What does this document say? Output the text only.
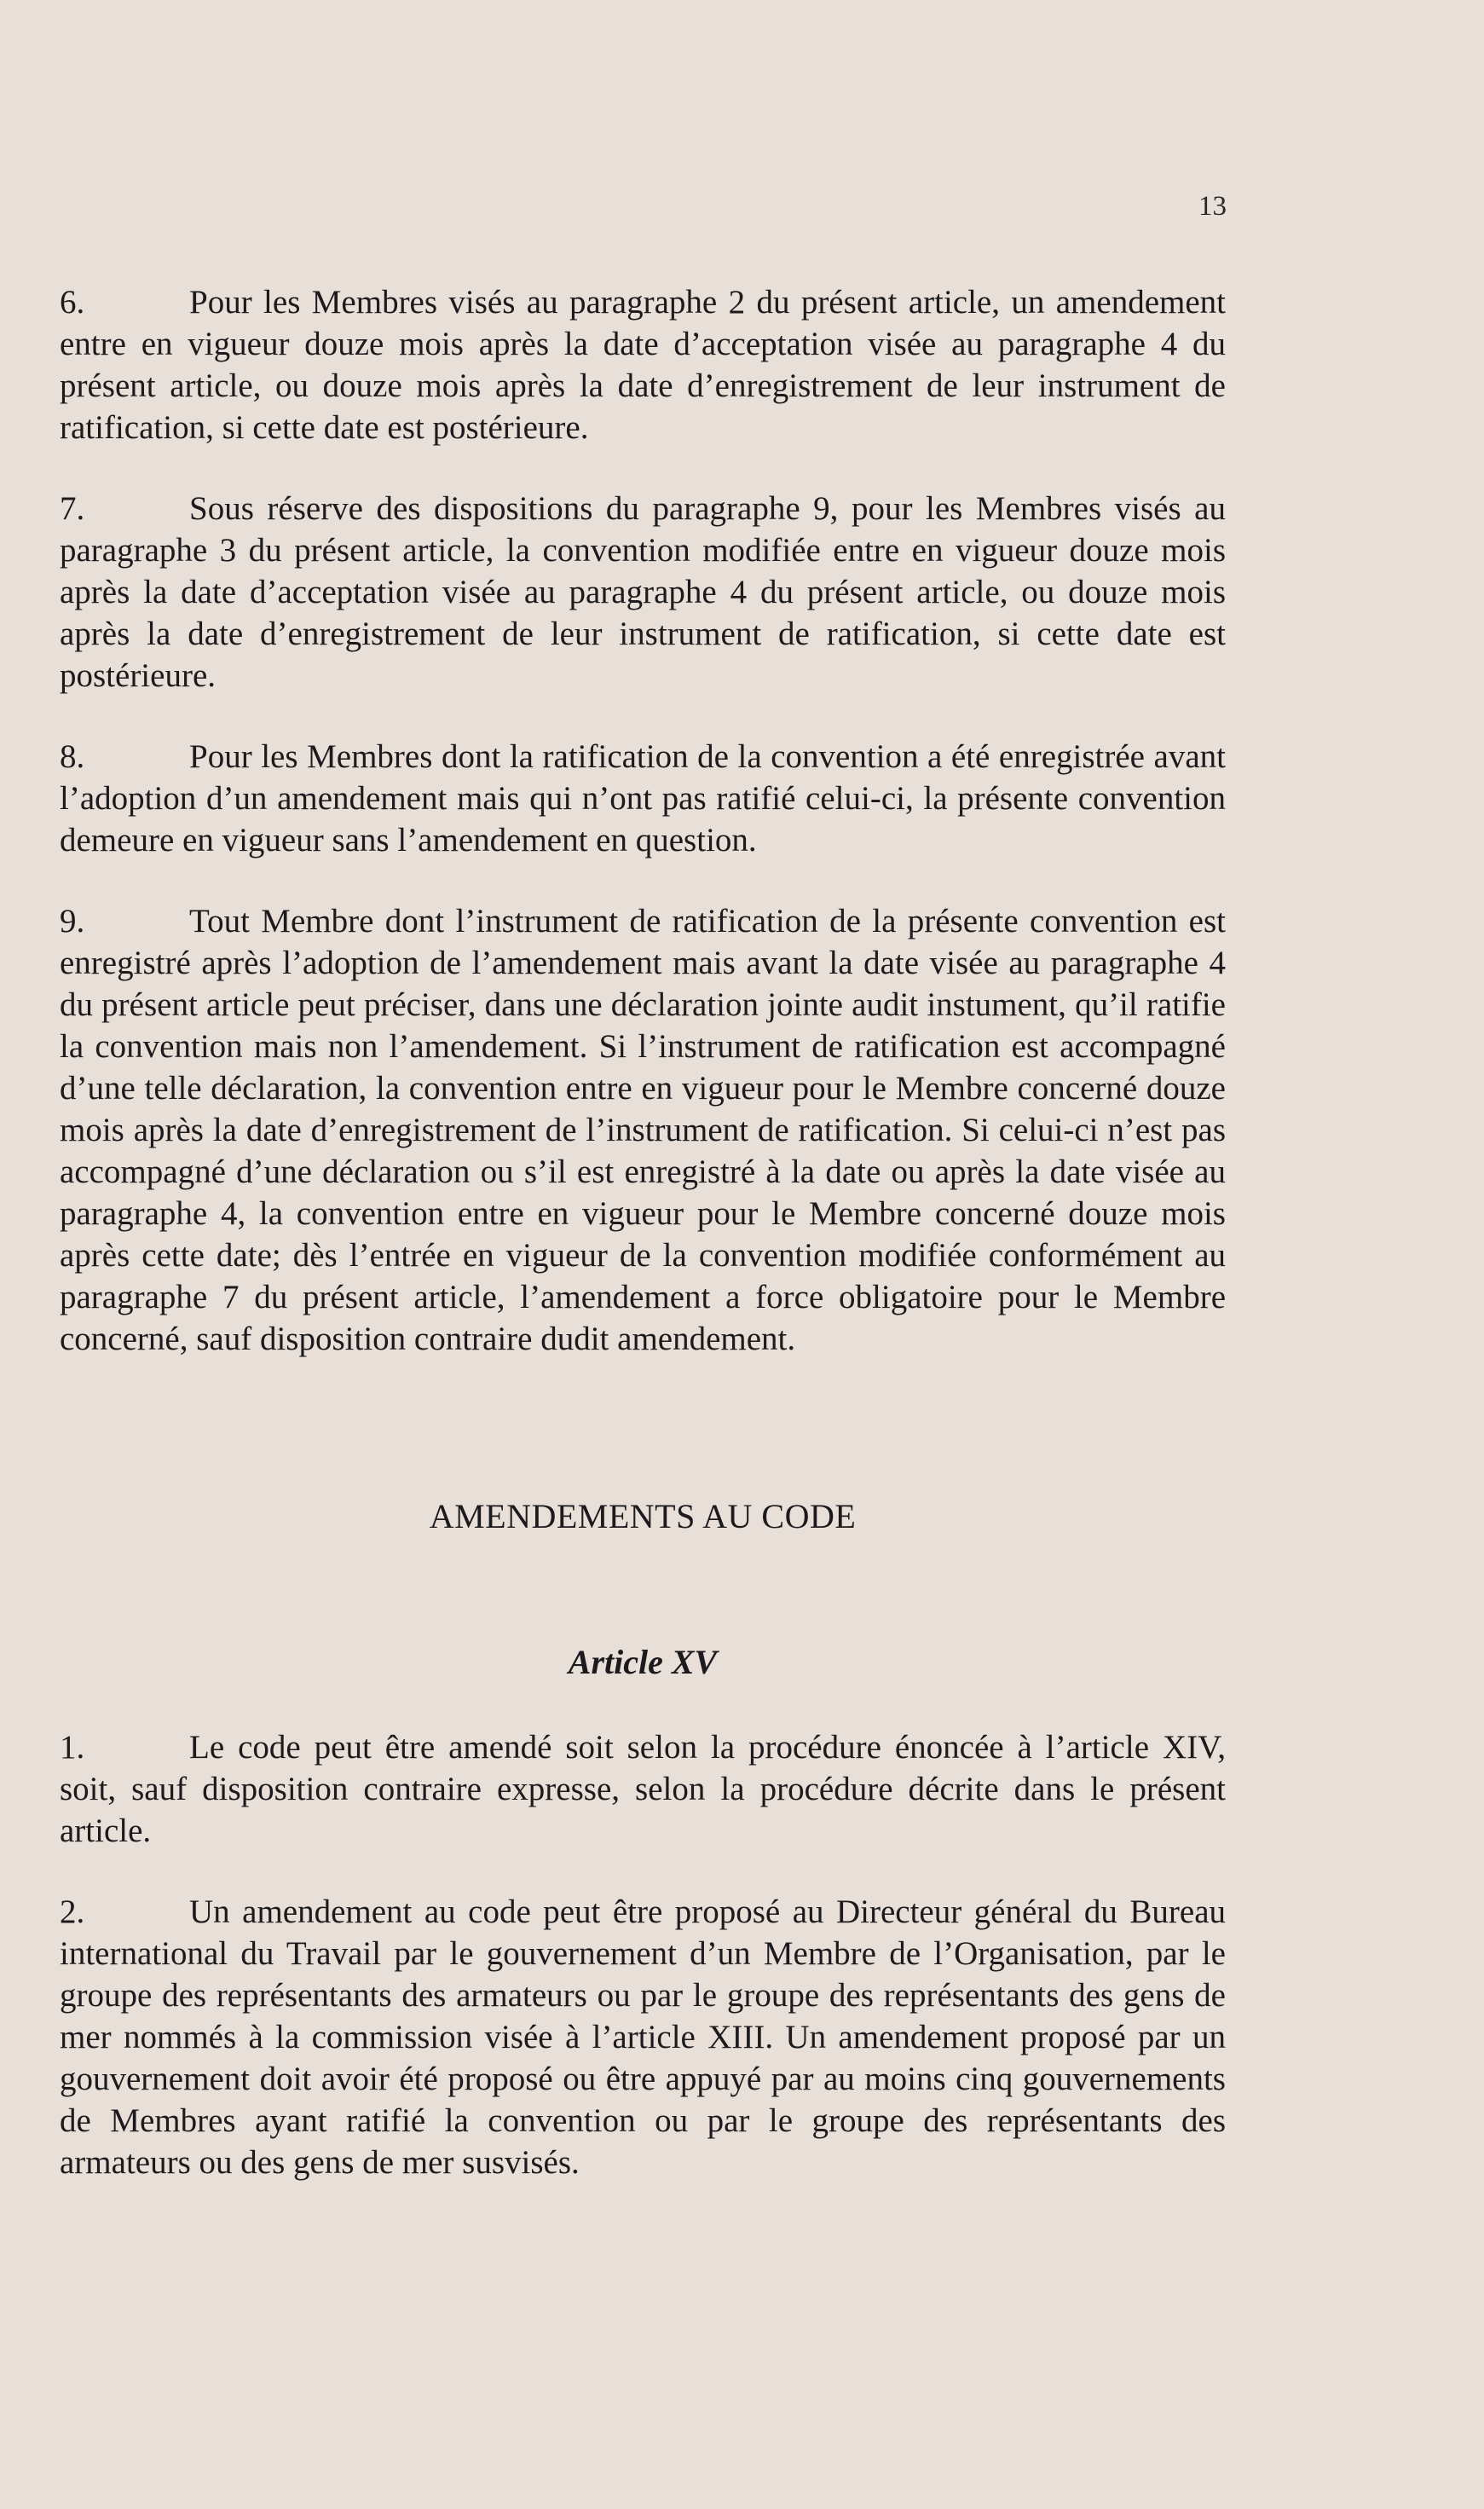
13

6.	Pour les Membres visés au paragraphe 2 du présent article, un amendement entre en vigueur douze mois après la date d’acceptation visée au paragraphe 4 du présent article, ou douze mois après la date d’enregistrement de leur instrument de ratification, si cette date est postérieure.

7.	Sous réserve des dispositions du paragraphe 9, pour les Membres visés au paragraphe 3 du présent article, la convention modifiée entre en vigueur douze mois après la date d’acceptation visée au paragraphe 4 du présent article, ou douze mois après la date d’enregistrement de leur instrument de ratification, si cette date est postérieure.

8.	Pour les Membres dont la ratification de la convention a été enregistrée avant l’adoption d’un amendement mais qui n’ont pas ratifié celui-ci, la présente convention demeure en vigueur sans l’amendement en question.

9.	Tout Membre dont l’instrument de ratification de la présente convention est enregistré après l’adoption de l’amendement mais avant la date visée au paragraphe 4 du présent article peut préciser, dans une déclaration jointe audit instument, qu’il ratifie la convention mais non l’amendement. Si l’instrument de ratification est accompagné d’une telle déclaration, la convention entre en vigueur pour le Membre concerné douze mois après la date d’enregistrement de l’instrument de ratification. Si celui-ci n’est pas accompagné d’une déclaration ou s’il est enregistré à la date ou après la date visée au paragraphe 4, la convention entre en vigueur pour le Membre concerné douze mois après cette date; dès l’entrée en vigueur de la convention modifiée conformément au paragraphe 7 du présent article, l’amendement a force obligatoire pour le Membre concerné, sauf disposition contraire dudit amendement.

AMENDEMENTS AU CODE
Article XV

1.	Le code peut être amendé soit selon la procédure énoncée à l’article XIV, soit, sauf disposition contraire expresse, selon la procédure décrite dans le présent article.

2.	Un amendement au code peut être proposé au Directeur général du Bureau international du Travail par le gouvernement d’un Membre de l’Organisation, par le groupe des représentants des armateurs ou par le groupe des représentants des gens de mer nommés à la commission visée à l’article XIII. Un amendement proposé par un gouvernement doit avoir été proposé ou être appuyé par au moins cinq gouvernements de Membres ayant ratifié la convention ou par le groupe des représentants des armateurs ou des gens de mer susvisés.
